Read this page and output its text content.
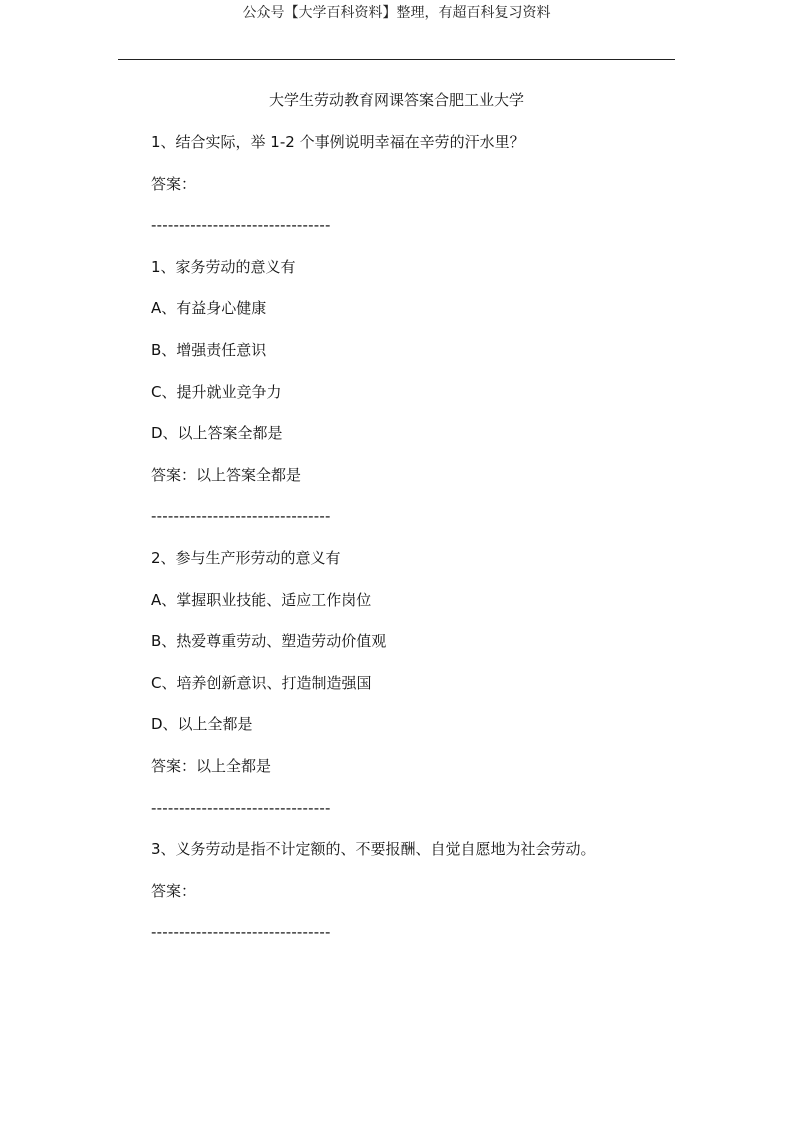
公众号【大学百科资料】整理，有超百科复习资料
大学生劳动教育网课答案合肥工业大学
1、结合实际，举 1-2 个事例说明幸福在辛劳的汗水里？
答案：
--------------------------------
1、家务劳动的意义有
A、有益身心健康
B、增强责任意识
C、提升就业竞争力
D、以上答案全都是
答案：以上答案全都是
--------------------------------
2、参与生产形劳动的意义有
A、掌握职业技能、适应工作岗位
B、热爱尊重劳动、塑造劳动价值观
C、培养创新意识、打造制造强国
D、以上全都是
答案：以上全都是
--------------------------------
3、义务劳动是指不计定额的、不要报酬、自觉自愿地为社会劳动。
答案：
--------------------------------
